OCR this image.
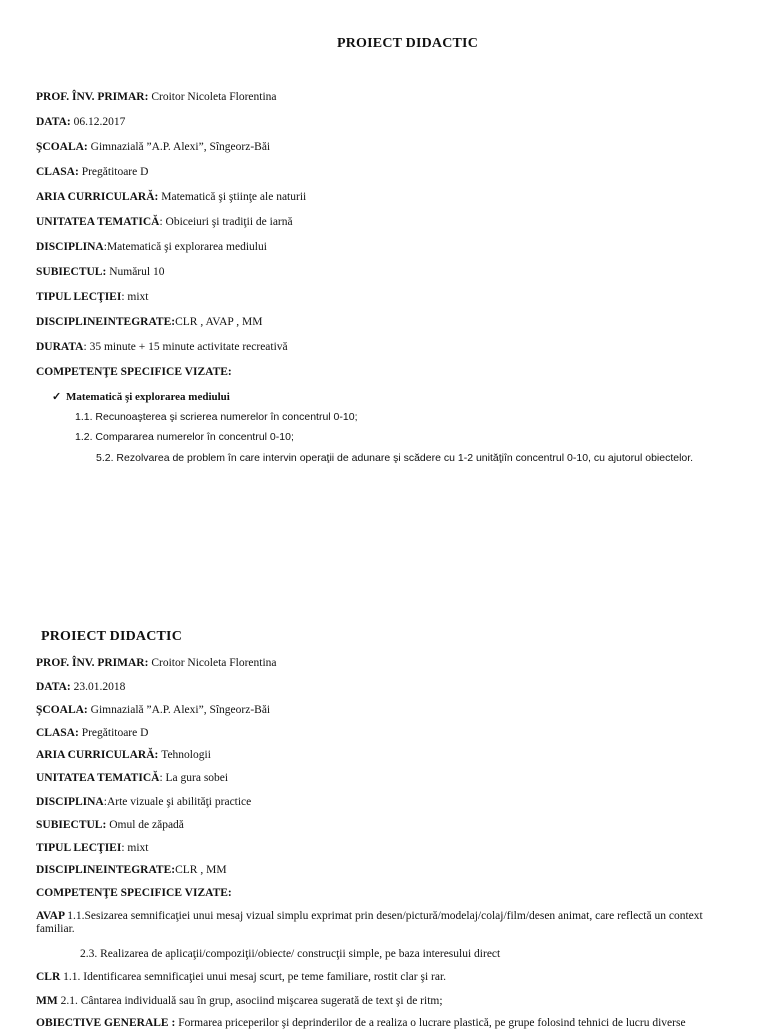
PROIECT DIDACTIC
PROF. ÎNV. PRIMAR: Croitor Nicoleta Florentina
DATA: 06.12.2017
ŞCOALA: Gimnazială ”A.P. Alexi”, Sîngeorz-Băi
CLASA: Pregătitoare D
ARIA CURRICULARĂ: Matematică şi ştiinţe ale naturii
UNITATEA TEMATICĂ: Obiceiuri şi tradiţii de iarnă
DISCIPLINA:Matematică şi explorarea mediului
SUBIECTUL: Numărul 10
TIPUL LECŢIEI: mixt
DISCIPLINEINTEGRATE:CLR , AVAP , MM
DURATA: 35 minute + 15 minute activitate recreativă
COMPETENŢE SPECIFICE VIZATE:
✓ Matematică şi explorarea mediului
1.1. Recunoaşterea şi scrierea numerelor în concentrul 0-10;
1.2. Compararea numerelor în concentrul 0-10;
5.2. Rezolvarea de problem în care intervin operaţii de adunare şi scădere cu 1-2 unităţiîn concentrul 0-10, cu ajutorul obiectelor.
PROIECT DIDACTIC
PROF. ÎNV. PRIMAR: Croitor Nicoleta Florentina
DATA: 23.01.2018
ŞCOALA: Gimnazială ”A.P. Alexi”, Sîngeorz-Băi
CLASA: Pregătitoare D
ARIA CURRICULARĂ: Tehnologii
UNITATEA TEMATICĂ: La gura sobei
DISCIPLINA:Arte vizuale şi abilităţi practice
SUBIECTUL: Omul de zăpadă
TIPUL LECŢIEI: mixt
DISCIPLINEINTEGRATE:CLR , MM
COMPETENŢE SPECIFICE VIZATE:
AVAP 1.1.Sesizarea semnificaţiei unui mesaj vizual simplu exprimat prin desen/pictură/modelaj/colaj/film/desen animat, care reflectă un context familiar.
2.3. Realizarea de aplicaţii/compoziţii/obiecte/ construcţii simple, pe baza interesului direct
CLR 1.1. Identificarea semnificaţiei unui mesaj scurt, pe teme familiare, rostit clar şi rar.
MM 2.1. Cântarea individuală sau în grup, asociind mişcarea sugerată de text şi de ritm;
OBIECTIVE GENERALE : Formarea priceperilor şi deprinderilor de a realiza o lucrare plastică, pe grupe folosind tehnici de lucru diverse
